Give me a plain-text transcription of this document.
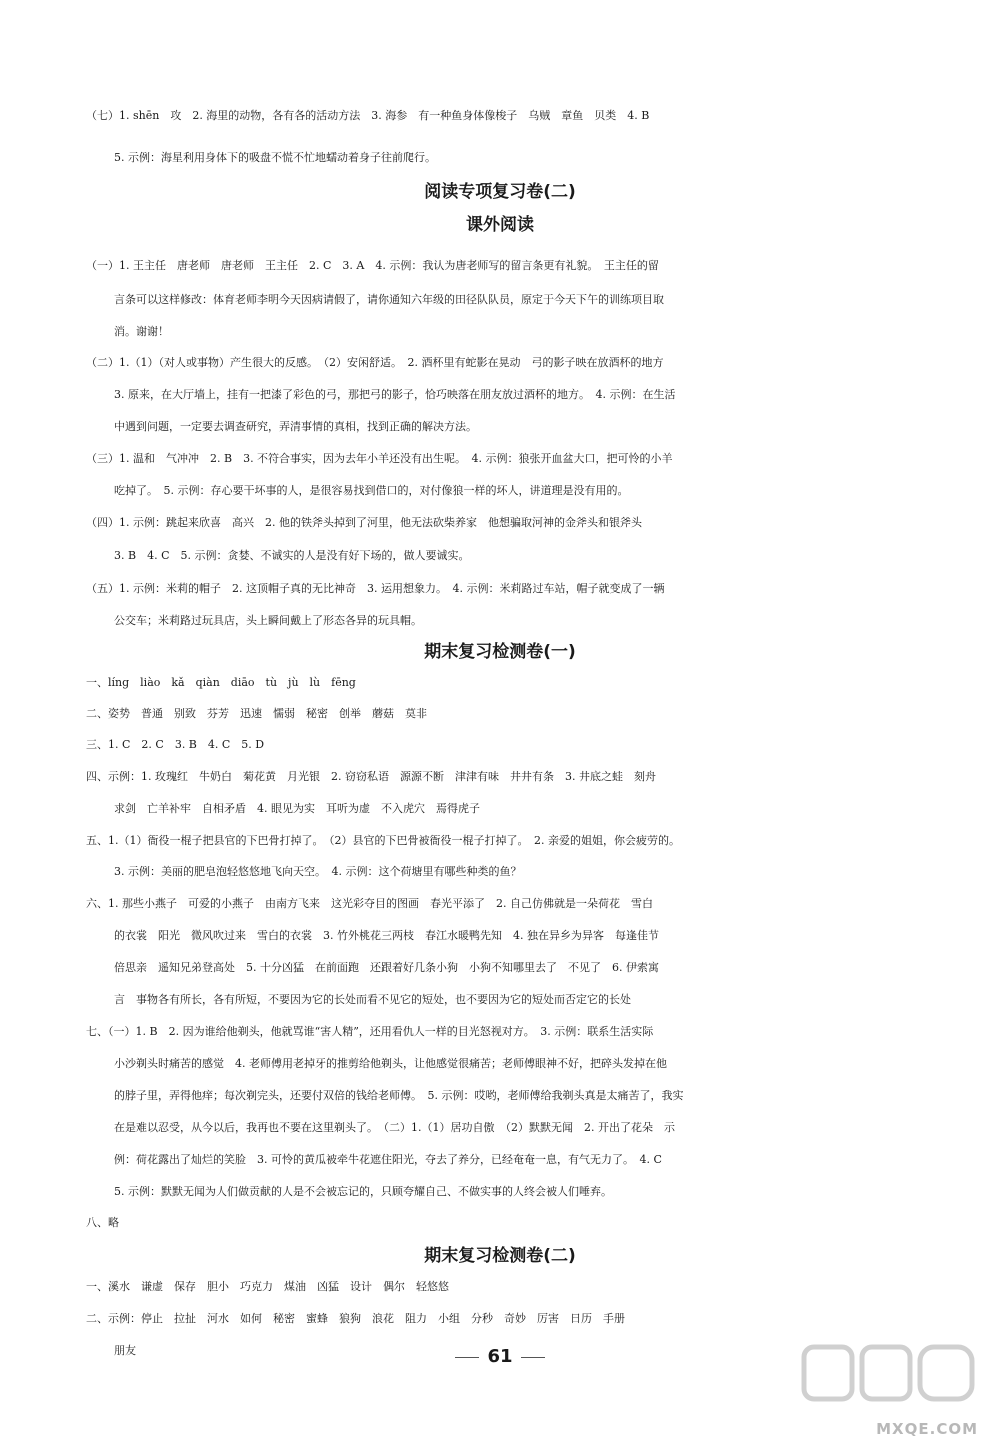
阅读专项复习卷(二)
课外阅读
期末复习检测卷(一)
期末复习检测卷(二)
（七）1. shēn　攻　2. 海里的动物，各有各的活动方法　3. 海参　有一种鱼身体像梭子　乌贼　章鱼　贝类　4. B
5. 示例：海星利用身体下的吸盘不慌不忙地蠕动着身子往前爬行。
（一）1. 王主任　唐老师　唐老师　王主任　2. C　3. A　4. 示例：我认为唐老师写的留言条更有礼貌。　王主任的留
言条可以这样修改：体育老师李明今天因病请假了，请你通知六年级的田径队队员，原定于今天下午的训练项目取
消。谢谢！
（二）1.（1）（对人或事物）产生很大的反感。　（2）安闲舒适。　2. 酒杯里有蛇影在晃动　弓的影子映在放酒杯的地方
3. 原来，在大厅墙上，挂有一把漆了彩色的弓，那把弓的影子，恰巧映落在朋友放过酒杯的地方。　4. 示例：在生活
中遇到问题，一定要去调查研究，弄清事情的真相，找到正确的解决方法。
（三）1. 温和　气冲冲　2. B　3. 不符合事实，因为去年小羊还没有出生呢。　4. 示例：狼张开血盆大口，把可怜的小羊
吃掉了。　5. 示例：存心要干坏事的人，是很容易找到借口的，对付像狼一样的坏人，讲道理是没有用的。
（四）1. 示例：跳起来欣喜　高兴　2. 他的铁斧头掉到了河里，他无法砍柴养家　他想骗取河神的金斧头和银斧头
3. B　4. C　5. 示例：贪婪、不诚实的人是没有好下场的，做人要诚实。
（五）1. 示例：米莉的帽子　2. 这顶帽子真的无比神奇　3. 运用想象力。　4. 示例：米莉路过车站，帽子就变成了一辆
公交车；米莉路过玩具店，头上瞬间戴上了形态各异的玩具帽。
一、líng　liào　kǎ　qiàn　diāo　tù　jù　lù　fēng
二、姿势　普通　别致　芬芳　迅速　懦弱　秘密　创举　蘑菇　莫非
三、1. C　2. C　3. B　4. C　5. D
四、示例：1. 玫瑰红　牛奶白　菊花黄　月光银　2. 窃窃私语　源源不断　津津有味　井井有条　3. 井底之蛙　刻舟
求剑　亡羊补牢　自相矛盾　4. 眼见为实　耳听为虚　不入虎穴　焉得虎子
五、1.（1）衙役一棍子把县官的下巴骨打掉了。　（2）县官的下巴骨被衙役一棍子打掉了。　2. 亲爱的姐姐，你会疲劳的。
3. 示例：美丽的肥皂泡轻悠悠地飞向天空。　4. 示例：这个荷塘里有哪些种类的鱼？
六、1. 那些小燕子　可爱的小燕子　由南方飞来　这光彩夺目的图画　春光平添了　2. 自己仿佛就是一朵荷花　雪白
的衣裳　阳光　微风吹过来　雪白的衣裳　3. 竹外桃花三两枝　春江水暖鸭先知　4. 独在异乡为异客　每逢佳节
倍思亲　遥知兄弟登高处　5. 十分凶猛　在前面跑　还跟着好几条小狗　小狗不知哪里去了　不见了　6. 伊索寓
言　事物各有所长，各有所短，不要因为它的长处而看不见它的短处，也不要因为它的短处而否定它的长处
七、（一）1. B　2. 因为谁给他剃头，他就骂谁“害人精”，还用看仇人一样的目光怒视对方。　3. 示例：联系生活实际
小沙剃头时痛苦的感觉　4. 老师傅用老掉牙的推剪给他剃头，让他感觉很痛苦；老师傅眼神不好，把碎头发掉在他
的脖子里，弄得他痒；每次剃完头，还要付双倍的钱给老师傅。　5. 示例：哎哟，老师傅给我剃头真是太痛苦了，我实
在是难以忍受，从今以后，我再也不要在这里剃头了。　（二）1.（1）居功自傲　（2）默默无闻　2. 开出了花朵　示
例：荷花露出了灿烂的笑脸　3. 可怜的黄瓜被牵牛花遮住阳光，夺去了养分，已经奄奄一息，有气无力了。　4. C
5. 示例：默默无闻为人们做贡献的人是不会被忘记的，只顾夸耀自己、不做实事的人终会被人们唾弃。
八、略
一、溪水　谦虚　保存　胆小　巧克力　煤油　凶猛　设计　偶尔　轻悠悠
二、示例：停止　拉扯　河水　如何　秘密　蜜蜂　狼狗　浪花　阻力　小组　分秒　奇妙　厉害　日历　手册
朋友	61
MXQE.COM
